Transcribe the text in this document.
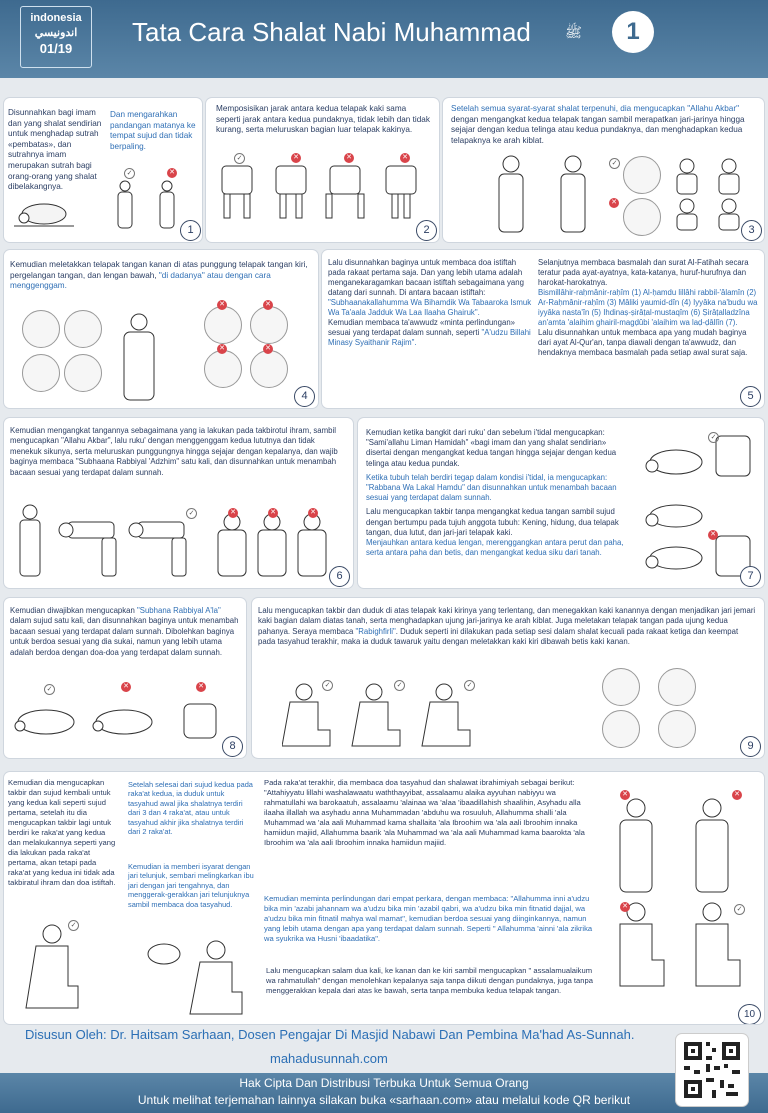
indonesia
اندونيسي
01/19
Tata Cara Shalat Nabi Muhammad ﷺ	1
Disunnahkan bagi imam dan yang shalat sendirian untuk menghadap sutrah «pembatas», dan sutrahnya imam merupakan sutrah bagi orang-orang yang shalat dibelakangnya.
Dan mengarahkan pandangan matanya ke tempat sujud dan tidak berpaling.
✓	✕
1
Memposisikan jarak antara kedua telapak kaki sama seperti jarak antara kedua pundaknya, tidak lebih dan tidak kurang, serta meluruskan bagian luar telapak kakinya.
✓	✕	✕	✕
2
Setelah semua syarat-syarat shalat terpenuhi, dia mengucapkan "Allahu Akbar" dengan mengangkat kedua telapak tangan sambil merapatkan jari-jarinya hingga sejajar dengan kedua telinga atau kedua pundaknya, dan menghadapkan kedua telapaknya ke arah kiblat.
✓
✕
3
Kemudian meletakkan telapak tangan kanan di atas punggung telapak tangan kiri, pergelangan tangan, dan lengan bawah, "di dadanya" atau dengan cara menggenggam.
✕	✕
✕	✕
4
Lalu disunnahkan baginya untuk membaca doa istiftah pada rakaat pertama saja. Dan yang lebih utama adalah menganekaragamkan bacaan istiftah sebagaimana yang datang dari sunnah. Di antara bacaan istiftah:
"Subhaanakallahumma Wa Bihamdik Wa Tabaaroka Ismuk Wa Ta'aala Jadduk Wa Laa Ilaaha Ghairuk".
Kemudian membaca ta'awwudz «minta perlindungan» sesuai yang terdapat dalam sunnah, seperti "A'udzu Billahi Minasy Syaithanir Rajim".
Selanjutnya membaca basmalah dan surat Al-Fatihah secara teratur pada ayat-ayatnya, kata-katanya, huruf-hurufnya dan harokat-harokatnya.
Bismillâhir-raḥmânir-raḥîm (1) Al-ḥamdu lillâhi rabbil-'âlamîn (2) Ar-Raḥmânir-raḥîm (3) Mâliki yaumid-dîn (4) Iyyâka na'budu wa iyyâka nasta'în (5) Ihdinaṣ-ṣirâṭal-mustaqîm (6) Ṣirâṭalladzîna an'amta 'alaihim ghairil-magḍûbi 'alaihim wa laḍ-ḍâllîn (7).
Lalu disunnahkan untuk membaca apa yang mudah baginya dari ayat Al-Qur'an, tanpa diawali dengan ta'awwudz, dan hendaknya membaca basmalah pada setiap awal surat saja.
5
Kemudian mengangkat tangannya sebagaimana yang ia lakukan pada takbirotul ihram, sambil mengucapkan "Allahu Akbar", lalu ruku' dengan menggenggam kedua lututnya dan tidak menekuk sikunya, serta meluruskan punggungnya hingga sejajar dengan kepalanya, dan wajib baginya membaca "Subhaana Rabbiyal 'Adzhim" satu kali, dan disunnahkan untuk menambah bacaan sesuai yang terdapat dalam sunnah.
✓	✕	✕	✕
6
Kemudian ketika bangkit dari ruku' dan sebelum i'tidal mengucapkan: "Sami'allahu Liman Hamidah" «bagi imam dan yang shalat sendirian» disertai dengan mengangkat kedua tangan hingga sejajar dengan kedua telinga atau kedua pundak.
Ketika tubuh telah berdiri tegap dalam kondisi i'tidal, ia mengucapkan: "Rabbana Wa Lakal Hamdu" dan disunnahkan untuk menambah bacaan sesuai yang terdapat dalam sunnah.
Lalu mengucapkan takbir tanpa mengangkat kedua tangan sambil sujud dengan bertumpu pada tujuh anggota tubuh: Kening, hidung, dua telapak tangan, dua lutut, dan jari-jari telapak kaki.
Menjauhkan antara kedua lengan, merenggangkan antara perut dan paha, serta antara paha dan betis, dan mengangkat kedua siku dari tanah.
✓
✕
7
Kemudian diwajibkan mengucapkan "Subhana Rabbiyal A'la" dalam sujud satu kali, dan disunnahkan baginya untuk menambah bacaan sesuai yang terdapat dalam sunnah. Dibolehkan baginya untuk berdoa sesuai yang dia sukai, namun yang lebih utama adalah berdoa dengan doa-doa yang terdapat dalam sunnah.
✓	✕	✕
8
Lalu mengucapkan takbir dan duduk di atas telapak kaki kirinya yang terlentang, dan menegakkan kaki kanannya dengan menjadikan jari jemari kaki bagian dalam diatas tanah, serta menghadapkan ujung jari-jarinya ke arah kiblat. Juga meletakan telapak tangan pada ujung kedua pahanya. Seraya membaca "Rabighfirli". Duduk seperti ini dilakukan pada setiap sesi dalam shalat kecuali pada rakaat ketiga dan keempat pada tasyahud terakhir, maka ia duduk tawaruk yaitu dengan meletakkan kaki kiri dibawah betis kaki kanan.
✓	✓	✓
9
Kemudian dia mengucapkan takbir dan sujud kembali untuk yang kedua kali seperti sujud pertama, setelah itu dia mengucapkan takbir lagi untuk berdiri ke raka'at yang kedua dan melakukannya seperti yang dia lakukan pada raka'at pertama, akan tetapi pada raka'at yang kedua ini tidak ada takbiratul ihram dan doa istiftah.
✓
Setelah selesai dari sujud kedua pada raka'at kedua, ia duduk untuk tasyahud awal jika shalatnya terdiri dari 3 dan 4 raka'at, atau untuk tasyahud akhir jika shalatnya terdiri dari 2 raka'at.
Kemudian ia memberi isyarat dengan jari telunjuk, sembari melingkarkan ibu jari dengan jari tengahnya, dan menggerak-gerakkan jari telunjuknya sambil membaca doa tasyahud.
Pada raka'at terakhir, dia membaca doa tasyahud dan shalawat ibrahimiyah sebagai berikut: "Attahiyyatu lillahi washalawaatu waththayyibat, assalaamu alaika ayyuhan nabiyyu wa rahmatullahi wa barokaatuh, assalaamu 'alainaa wa 'alaa 'ibaadillahish shaalihin, Asyhadu alla ilaaha illallah wa asyhadu anna Muhammadan 'abduhu wa rosuuluh, Allahumma shalli 'ala Muhammad wa 'ala aali Muhammad kama shallaita 'ala Ibroohim wa 'ala aali Ibroohim innaka hamiidun majiid, Allahumma baarik 'ala Muhammad wa 'ala aali Muhammad kama baarokta 'ala Ibroohim wa 'ala aali Ibroohim innaka hamiidun majiid.
Kemudian meminta perlindungan dari empat perkara, dengan membaca: "Allahumma inni a'udzu bika min 'azabi jahannam wa a'udzu bika min 'azabil qabri, wa a'udzu bika min fitnatid dajjal, wa a'udzu bika min fitnatil mahya wal mamat", kemudian berdoa sesuai yang diinginkannya, namun yang lebih utama dengan apa yang terdapat dalam sunnah. Seperti " Allahumma 'ainni 'ala zikrika wa syukrika wa Husni 'ibaadatika".
Lalu mengucapkan salam dua kali, ke kanan dan ke kiri sambil mengucapkan " assalamualaikum wa rahmatullah" dengan menolehkan kepalanya saja tanpa diikuti dengan pundaknya, juga tanpa menggerakkan kepala dari atas ke bawah, serta tanpa membuka kedua telapak tangan.
✕	✕
✕	✓
10
Disusun Oleh: Dr. Haitsam Sarhaan, Dosen Pengajar Di Masjid Nabawi Dan Pembina Ma'had As-Sunnah.
mahadusunnah.com
Hak Cipta Dan Distribusi Terbuka Untuk Semua Orang
Untuk melihat terjemahan lainnya silakan buka «sarhaan.com» atau melalui kode QR berikut
